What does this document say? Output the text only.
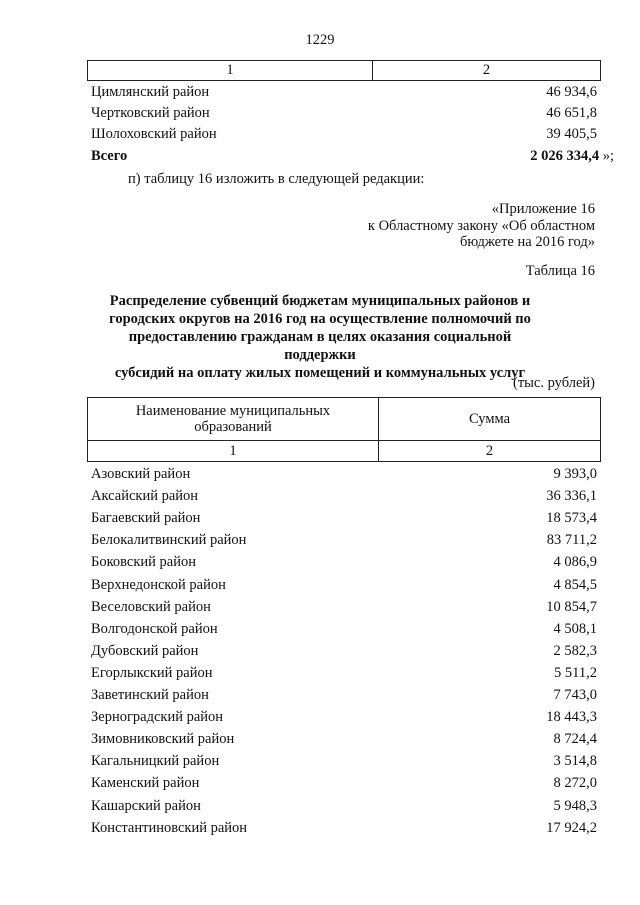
1229
1	2
Цимлянский район	46 934,6
Чертковский район	46 651,8
Шолоховский район	39 405,5
Всего	2 026 334,4 »;
п) таблицу 16 изложить в следующей редакции:
«Приложение 16
к Областному закону «Об областном
бюджете на 2016 год»
Таблица 16
Распределение субвенций бюджетам муниципальных районов и
городских округов на 2016 год на осуществление полномочий по
предоставлению гражданам в целях оказания социальной поддержки
субсидий на оплату жилых помещений и коммунальных услуг
(тыс. рублей)
Наименование муниципальных
образований	Сумма
1	2
Азовский район	9 393,0
Аксайский район	36 336,1
Багаевский район	18 573,4
Белокалитвинский район	83 711,2
Боковский район	4 086,9
Верхнедонской район	4 854,5
Веселовский район	10 854,7
Волгодонской район	4 508,1
Дубовский район	2 582,3
Егорлыкский район	5 511,2
Заветинский район	7 743,0
Зерноградский район	18 443,3
Зимовниковский район	8 724,4
Кагальницкий район	3 514,8
Каменский район	8 272,0
Кашарский район	5 948,3
Константиновский район	17 924,2
